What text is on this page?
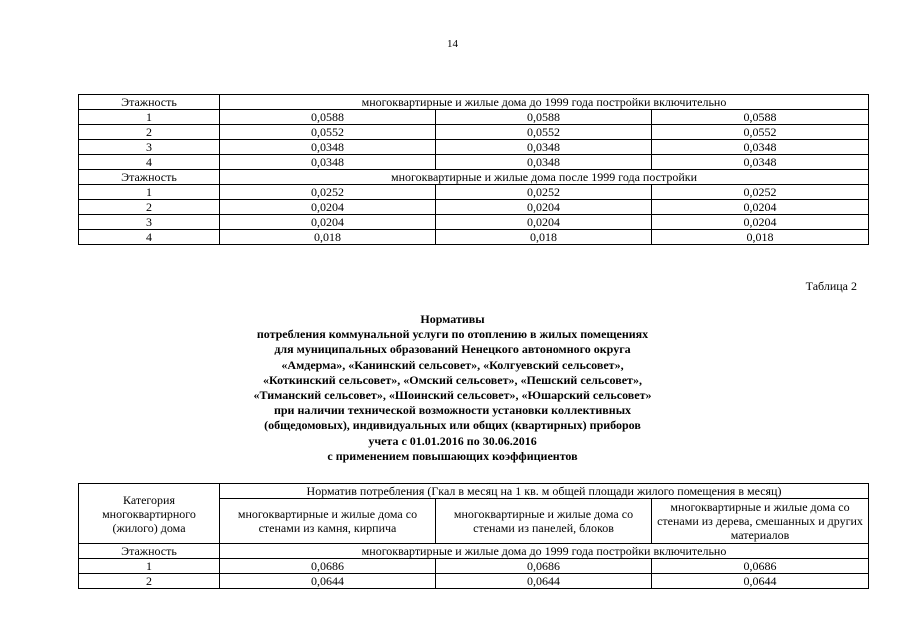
14
Этажность	многоквартирные и жилые дома до 1999 года постройки включительно		
1	0,0588	0,0588	0,0588
2	0,0552	0,0552	0,0552
3	0,0348	0,0348	0,0348
4	0,0348	0,0348	0,0348
Этажность	многоквартирные и жилые дома после 1999 года постройки		
1	0,0252	0,0252	0,0252
2	0,0204	0,0204	0,0204
3	0,0204	0,0204	0,0204
4	0,018	0,018	0,018
Таблица 2
Нормативы
потребления коммунальной услуги по отоплению в жилых помещениях
для муниципальных образований Ненецкого автономного округа
«Амдерма», «Канинский сельсовет», «Колгуевский сельсовет»,
«Коткинский сельсовет», «Омский сельсовет», «Пешский сельсовет»,
«Тиманский сельсовет», «Шоинский сельсовет», «Юшарский сельсовет»
при наличии технической возможности установки коллективных
(общедомовых), индивидуальных или общих (квартирных) приборов
учета с 01.01.2016 по 30.06.2016
с применением повышающих коэффициентов
Категория многоквартирного (жилого) дома	Норматив потребления (Гкал в месяц на 1 кв. м общей площади жилого помещения в месяц)		
	многоквартирные и жилые дома со стенами из камня, кирпича	многоквартирные и жилые дома со стенами из панелей, блоков	многоквартирные и жилые дома со стенами из дерева, смешанных и других материалов
Этажность	многоквартирные и жилые дома до 1999 года постройки включительно		
1	0,0686	0,0686	0,0686
2	0,0644	0,0644	0,0644
